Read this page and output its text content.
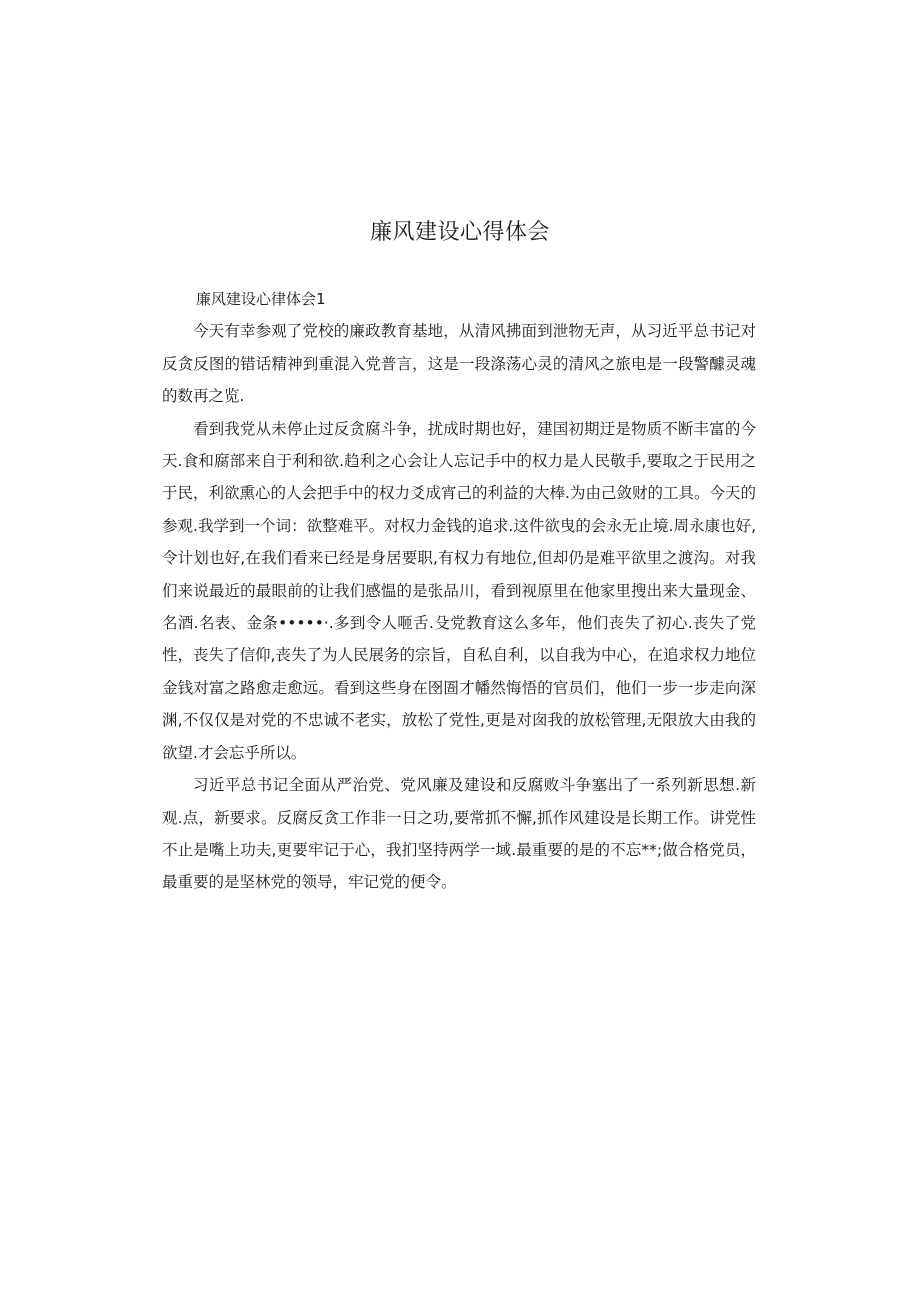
廉风建设心得体会

廉风建设心律体会1

今天有幸参观了党校的廉政教育基地，从清风拂面到泄物无声，从习近平总书记对反贪反图的错话精神到重混入党普言，这是一段涤荡心灵的清风之旅电是一段警醵灵魂的数再之览.

看到我党从未停止过反贪腐斗争，扰成时期也好，建国初期迂是物质不断丰富的今天.食和腐部来自于利和欲.趋利之心会让人忘记手中的权力是人民敬手,要取之于民用之于民，利欲熏心的人会把手中的权力爻成宵己的利益的大棒.为由己敛财的工具。今天的参观.我学到一个词：欲整难平。对权力金钱的追求.这件欲曳的会永无止境.周永康也好,令计划也好,在我们看来已经是身居要职,有权力有地位,但却仍是难平欲里之渡沟。对我们来说最近的最眼前的让我们感愠的是张品川，看到视原里在他家里搜出来大量现金、名酒.名表、金条•••••·.多到令人咂舌.殳党教育这么多年，他们丧失了初心.丧失了党性，丧失了信仰,丧失了为人民展务的宗旨，自私自利，以自我为中心，在追求权力地位金钱对富之路愈走愈远。看到这些身在囹圄才幡然悔悟的官员们，他们一步一步走向深渊,不仅仅是对党的不忠诚不老实，放松了党性,更是对囱我的放松管理,无限放大由我的欲望.才会忘乎所以。

习近平总书记全面从严治党、党风廉及建设和反腐败斗争塞出了一系列新思想.新观.点，新要求。反腐反贪工作非一日之功,要常抓不懈,抓作风建设是长期工作。讲党性不止是嘴上功夫,更要牢记于心，我扪坚持两学一域.最重要的是的不忘**;做合格党员，最重要的是坚林党的领导，牢记党的便令。
